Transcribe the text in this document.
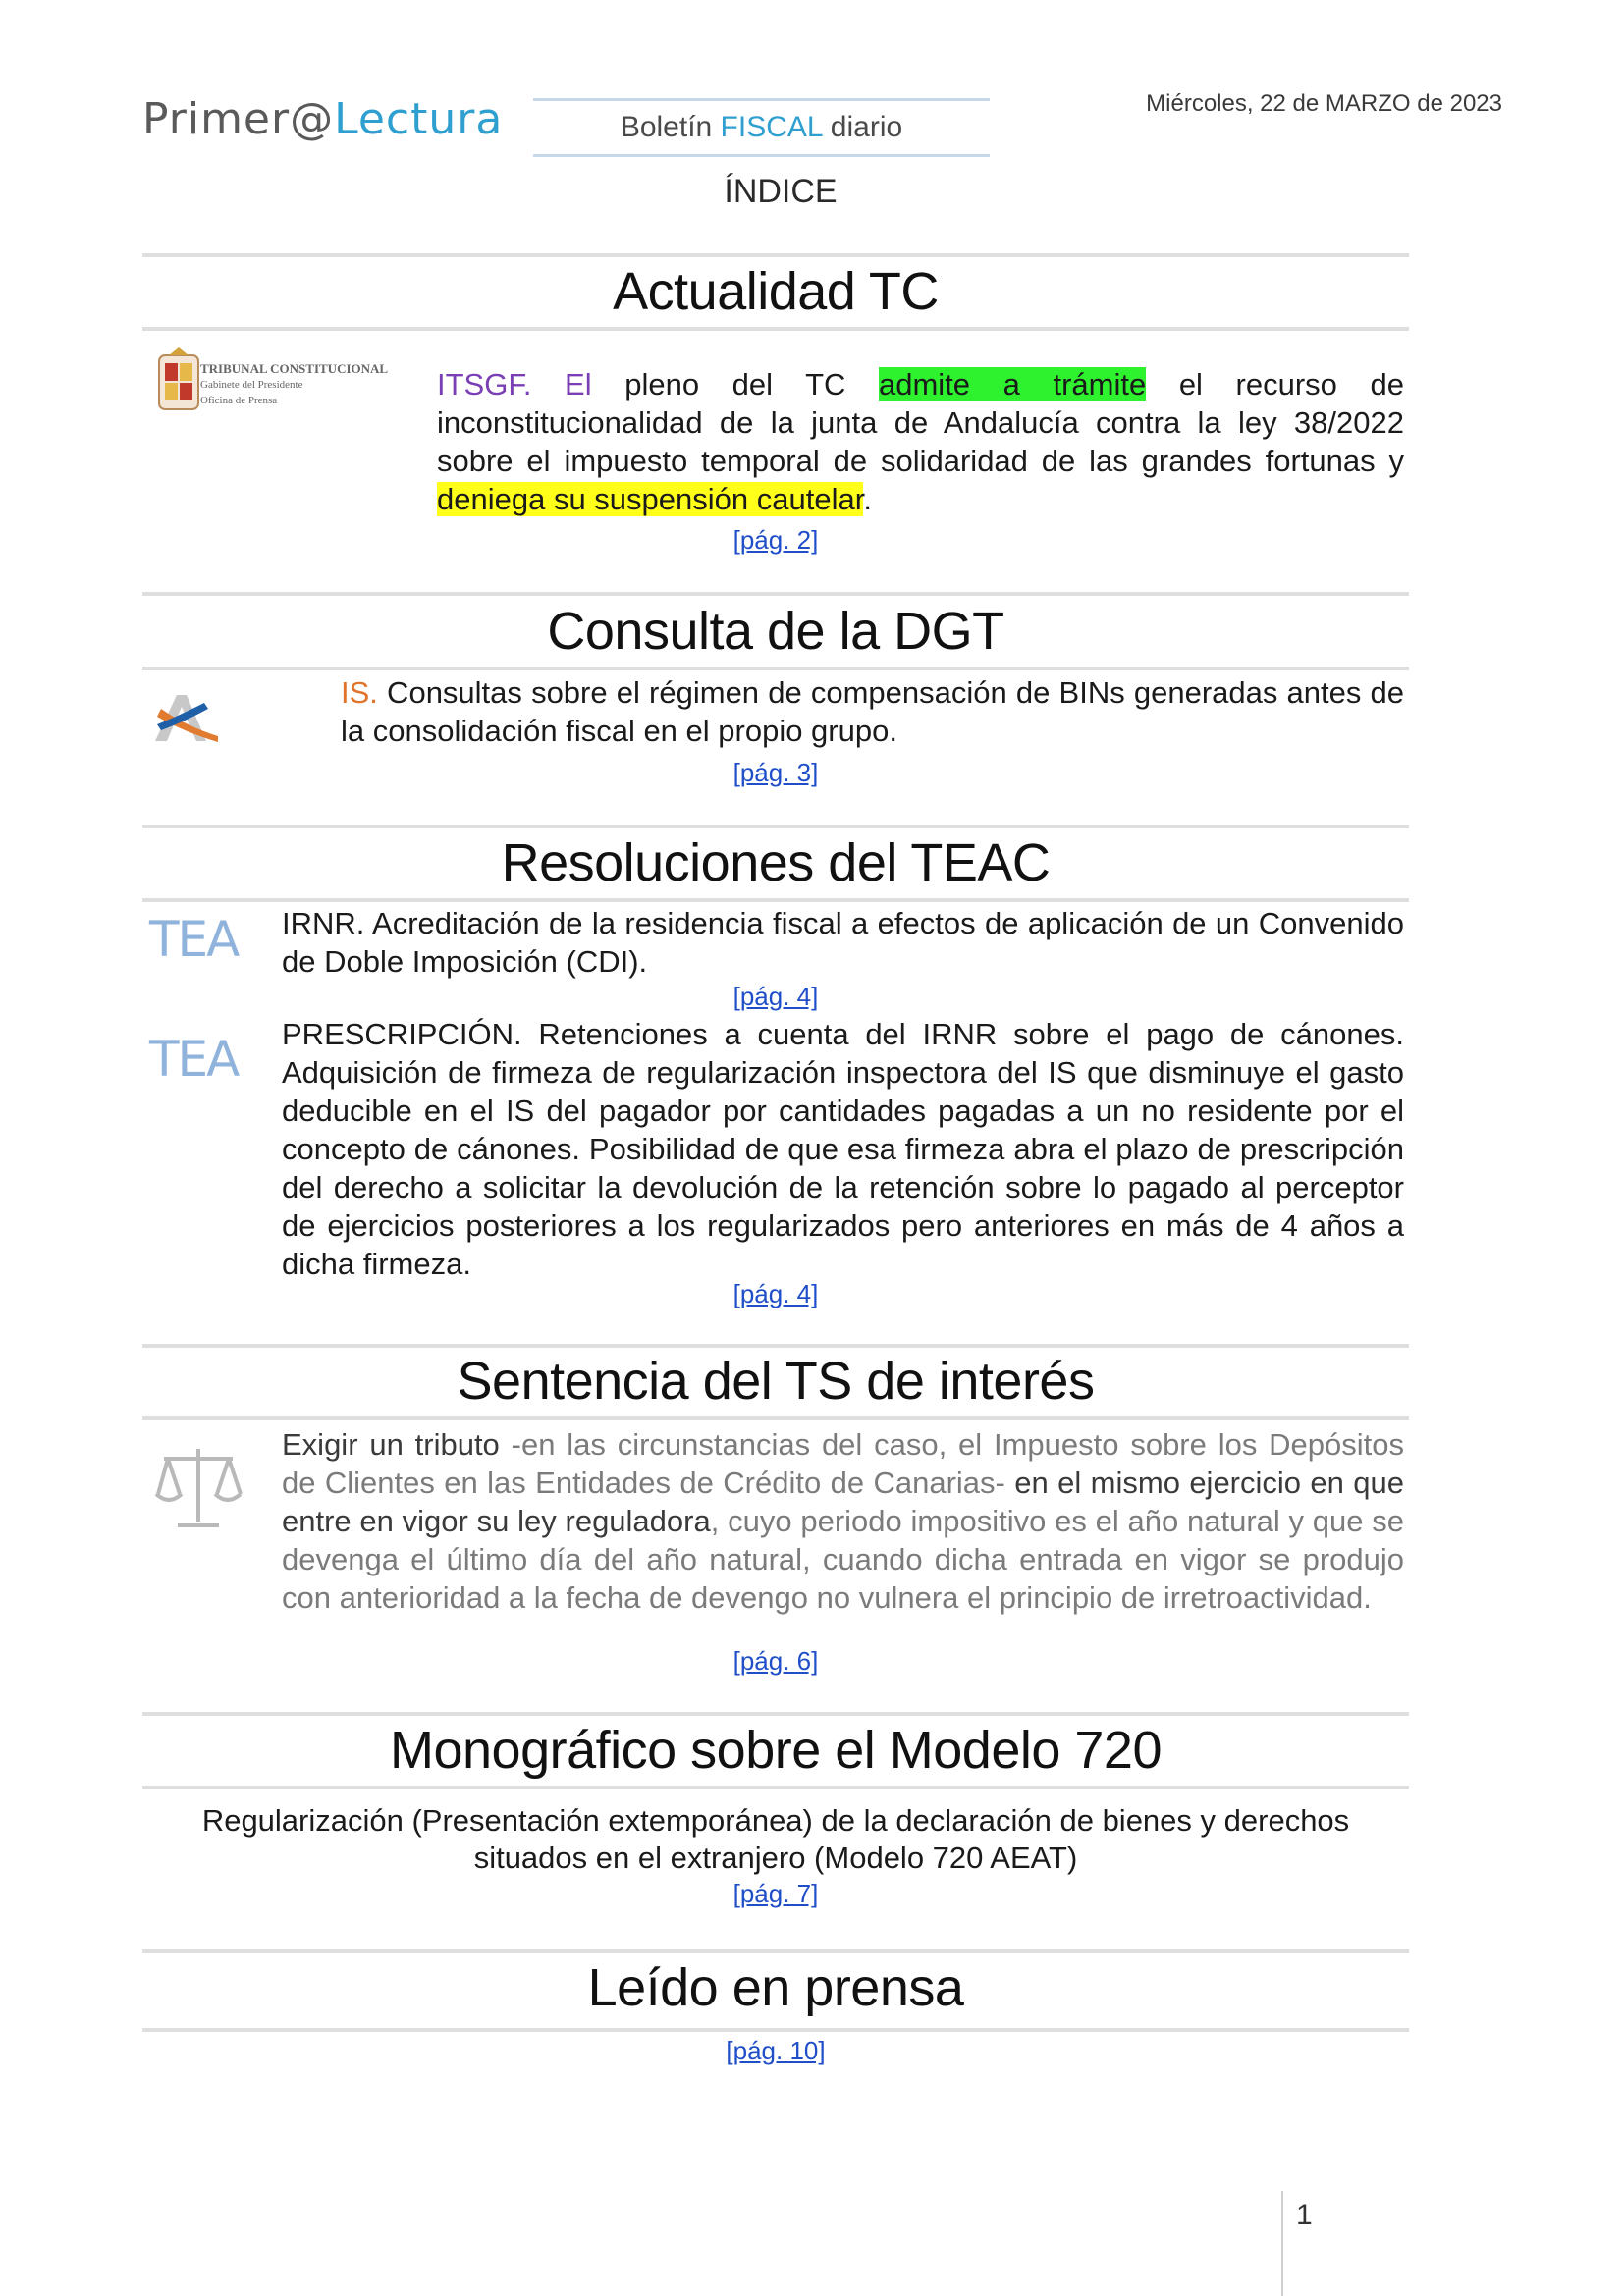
Primer@Lectura	Boletín FISCAL diario
Miércoles, 22 de MARZO de 2023
ÍNDICE
Actualidad TC
TRIBUNAL CONSTITUCIONAL
Gabinete del Presidente
Oficina de Prensa	ITSGF. El pleno del TC admite a trámite el recurso de inconstitucionalidad de la junta de Andalucía contra la ley 38/2022 sobre el impuesto temporal de solidaridad de las grandes fortunas y deniega su suspensión cautelar.
[pág. 2]
Consulta de la DGT
IS. Consultas sobre el régimen de compensación de BINs generadas antes de la consolidación fiscal en el propio grupo.
[pág. 3]
Resoluciones del TEAC
TEA IRNR. Acreditación de la residencia fiscal a efectos de aplicación de un Convenido de Doble Imposición (CDI).
[pág. 4]
TEA PRESCRIPCIÓN. Retenciones a cuenta del IRNR sobre el pago de cánones. Adquisición de firmeza de regularización inspectora del IS que disminuye el gasto deducible en el IS del pagador por cantidades pagadas a un no residente por el concepto de cánones. Posibilidad de que esa firmeza abra el plazo de prescripción del derecho a solicitar la devolución de la retención sobre lo pagado al perceptor de ejercicios posteriores a los regularizados pero anteriores en más de 4 años a dicha firmeza.
[pág. 4]
Sentencia del TS de interés
Exigir un tributo -en las circunstancias del caso, el Impuesto sobre los Depósitos de Clientes en las Entidades de Crédito de Canarias- en el mismo ejercicio en que entre en vigor su ley reguladora, cuyo periodo impositivo es el año natural y que se devenga el último día del año natural, cuando dicha entrada en vigor se produjo con anterioridad a la fecha de devengo no vulnera el principio de irretroactividad.
[pág. 6]
Monográfico sobre el Modelo 720
Regularización (Presentación extemporánea) de la declaración de bienes y derechos
situados en el extranjero (Modelo 720 AEAT)
[pág. 7]
Leído en prensa
[pág. 10]
1
